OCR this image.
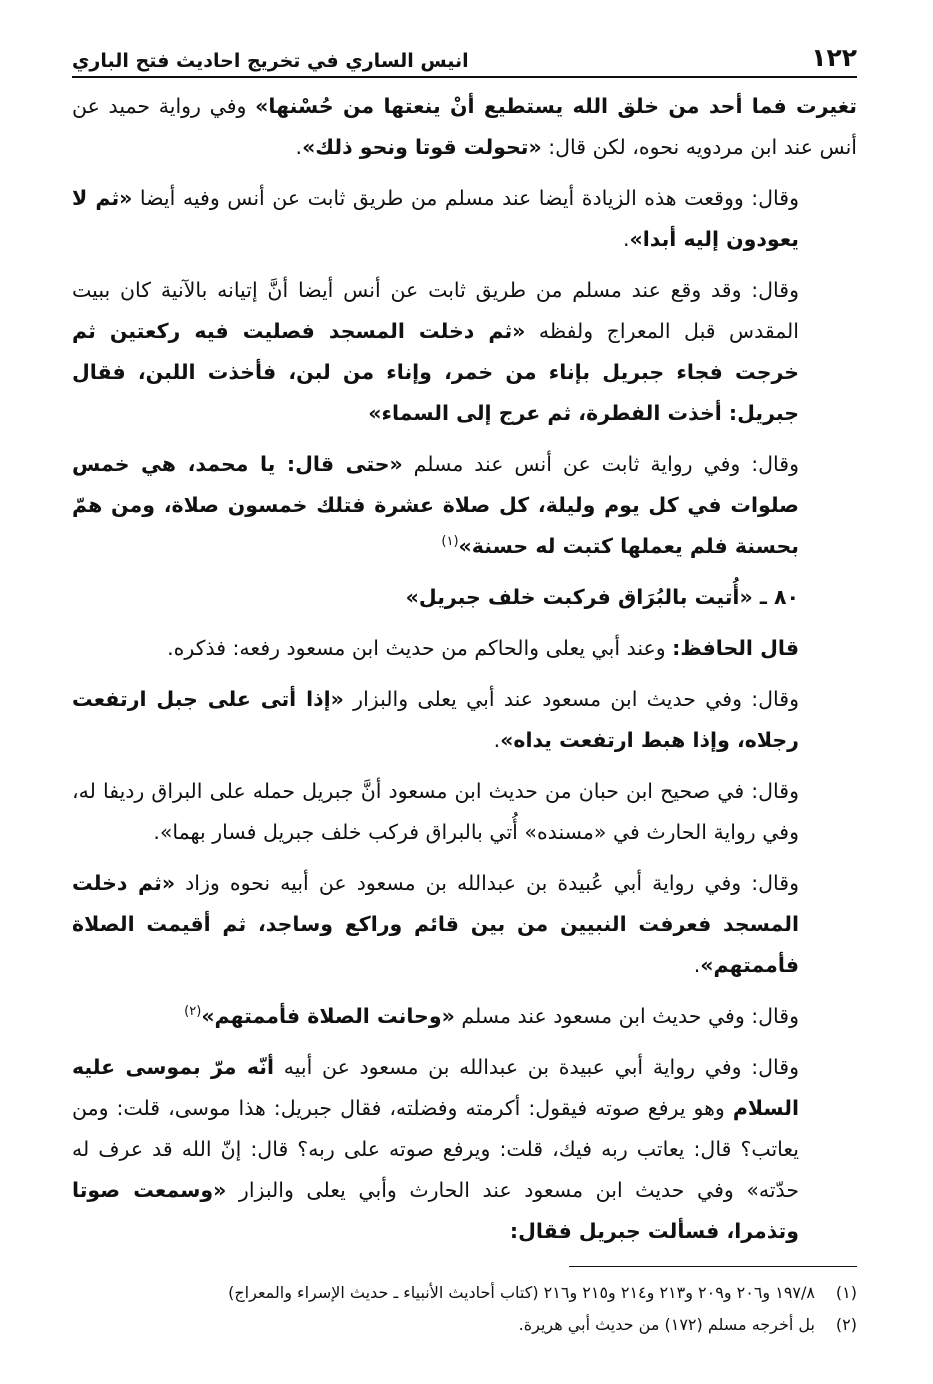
١٢٢
انيس الساري في تخريج احاديث فتح الباري

تغيرت فما أحد من خلق الله يستطيع أنْ ينعتها من حُسْنها» وفي رواية حميد عن أنس عند ابن مردويه نحوه، لكن قال: «تحولت قوتا ونحو ذلك».

وقال: ووقعت هذه الزيادة أيضا عند مسلم من طريق ثابت عن أنس وفيه أيضا «ثم لا يعودون إليه أبدا».

وقال: وقد وقع عند مسلم من طريق ثابت عن أنس أيضا أنَّ إتيانه بالآنية كان ببيت المقدس قبل المعراج ولفظه «ثم دخلت المسجد فصليت فيه ركعتين ثم خرجت فجاء جبريل بإناء من خمر، وإناء من لبن، فأخذت اللبن، فقال جبريل: أخذت الفطرة، ثم عرج إلى السماء»

وقال: وفي رواية ثابت عن أنس عند مسلم «حتى قال: يا محمد، هي خمس صلوات في كل يوم وليلة، كل صلاة عشرة فتلك خمسون صلاة، ومن همّ بحسنة فلم يعملها كتبت له حسنة»$^{(١)}$

٨٠ ـ «أُتيت بالبُرَاق فركبت خلف جبريل»

قال الحافظ: وعند أبي يعلى والحاكم من حديث ابن مسعود رفعه: فذكره.

وقال: وفي حديث ابن مسعود عند أبي يعلى والبزار «إذا أتى على جبل ارتفعت رجلاه، وإذا هبط ارتفعت يداه».

وقال: في صحيح ابن حبان من حديث ابن مسعود أنَّ جبريل حمله على البراق رديفا له، وفي رواية الحارث في «مسنده» أُتي بالبراق فركب خلف جبريل فسار بهما».

وقال: وفي رواية أبي عُبيدة بن عبدالله بن مسعود عن أبيه نحوه وزاد «ثم دخلت المسجد فعرفت النبيين من بين قائم وراكع وساجد، ثم أقيمت الصلاة فأممتهم».

وقال: وفي حديث ابن مسعود عند مسلم «وحانت الصلاة فأممتهم»$^{(٢)}$

وقال: وفي رواية أبي عبيدة بن عبدالله بن مسعود عن أبيه أنّه مرّ بموسى عليه السلام وهو يرفع صوته فيقول: أكرمته وفضلته، فقال جبريل: هذا موسى، قلت: ومن يعاتب؟ قال: يعاتب ربه فيك، قلت: ويرفع صوته على ربه؟ قال: إنّ الله قد عرف له حدّته» وفي حديث ابن مسعود عند الحارث وأبي يعلى والبزار «وسمعت صوتا وتذمرا، فسألت جبريل فقال:

(١)
١٩٧/٨ و٢٠٦ و٢٠٩ و٢١٣ و٢١٤ و٢١٥ و٢١٦ (كتاب أحاديث الأنبياء ـ حديث الإسراء والمعراج)
(٢)
بل أخرجه مسلم (١٧٢) من حديث أبي هريرة.
